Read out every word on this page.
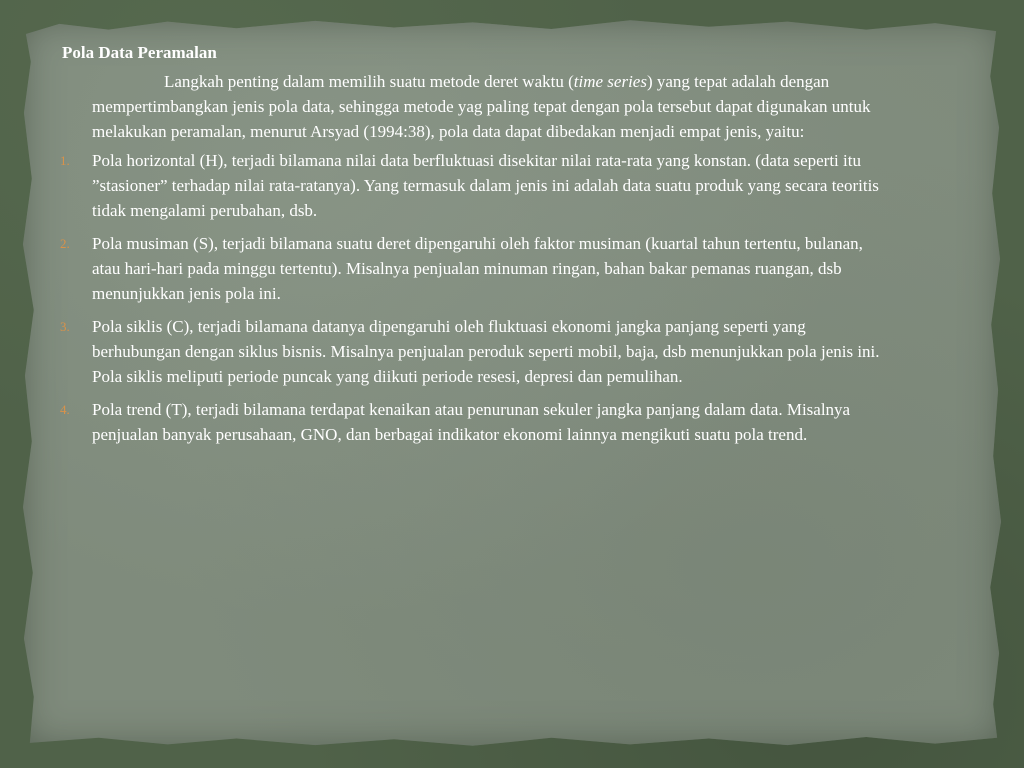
Pola Data Peramalan

Langkah penting dalam memilih suatu metode deret waktu (time series) yang tepat adalah dengan mempertimbangkan jenis pola data, sehingga metode yag paling tepat dengan pola tersebut dapat digunakan untuk melakukan peramalan, menurut Arsyad (1994:38), pola data dapat dibedakan menjadi empat jenis, yaitu:

1. Pola horizontal (H), terjadi bilamana nilai data berfluktuasi disekitar nilai rata-rata yang konstan. (data seperti itu ”stasioner” terhadap nilai rata-ratanya). Yang termasuk dalam jenis ini adalah data suatu produk yang secara teoritis tidak mengalami perubahan, dsb.
2. Pola musiman (S), terjadi bilamana suatu deret dipengaruhi oleh faktor musiman (kuartal tahun tertentu, bulanan, atau hari-hari pada minggu tertentu). Misalnya penjualan minuman ringan, bahan bakar pemanas ruangan, dsb menunjukkan jenis pola ini.
3. Pola siklis (C), terjadi bilamana datanya dipengaruhi oleh fluktuasi ekonomi jangka panjang seperti yang berhubungan dengan siklus bisnis. Misalnya penjualan peroduk seperti mobil, baja, dsb menunjukkan pola jenis ini. Pola siklis meliputi periode puncak yang diikuti periode resesi, depresi dan pemulihan.
4. Pola trend (T), terjadi bilamana terdapat kenaikan atau penurunan sekuler jangka panjang dalam data. Misalnya penjualan banyak perusahaan, GNO, dan berbagai indikator ekonomi lainnya mengikuti suatu pola trend.
